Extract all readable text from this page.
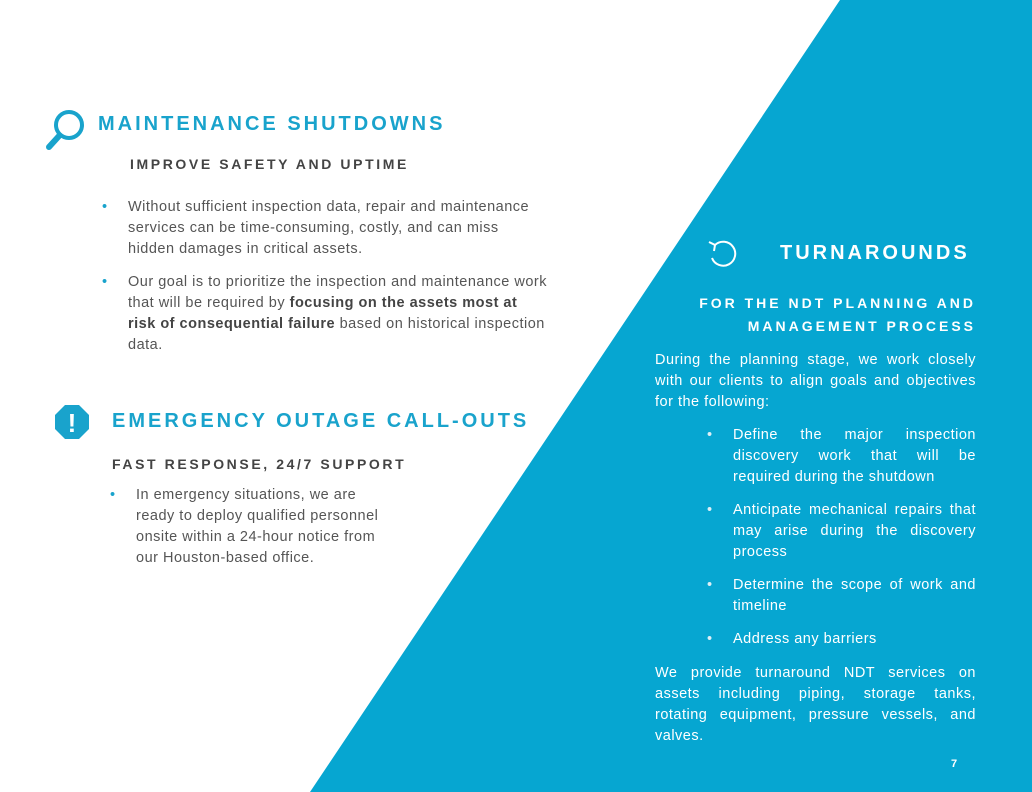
MAINTENANCE SHUTDOWNS
IMPROVE SAFETY AND UPTIME
• Without sufficient inspection data, repair and maintenance services can be time-consuming, costly, and can miss hidden damages in critical assets.
• Our goal is to prioritize the inspection and maintenance work that will be required by focusing on the assets most at risk of consequential failure based on historical inspection data.
! EMERGENCY OUTAGE CALL-OUTS
FAST RESPONSE, 24/7 SUPPORT
• In emergency situations, we are ready to deploy qualified personnel onsite within a 24-hour notice from our Houston-based office.
TURNAROUNDS
FOR THE NDT PLANNING AND
MANAGEMENT PROCESS

During the planning stage, we work closely with our clients to align goals and objectives for the following:

• Define the major inspection discovery work that will be required during the shutdown
• Anticipate mechanical repairs that may arise during the discovery process
• Determine the scope of work and timeline
• Address any barriers

We provide turnaround NDT services on assets including piping, storage tanks, rotating equipment, pressure vessels, and valves.

7
